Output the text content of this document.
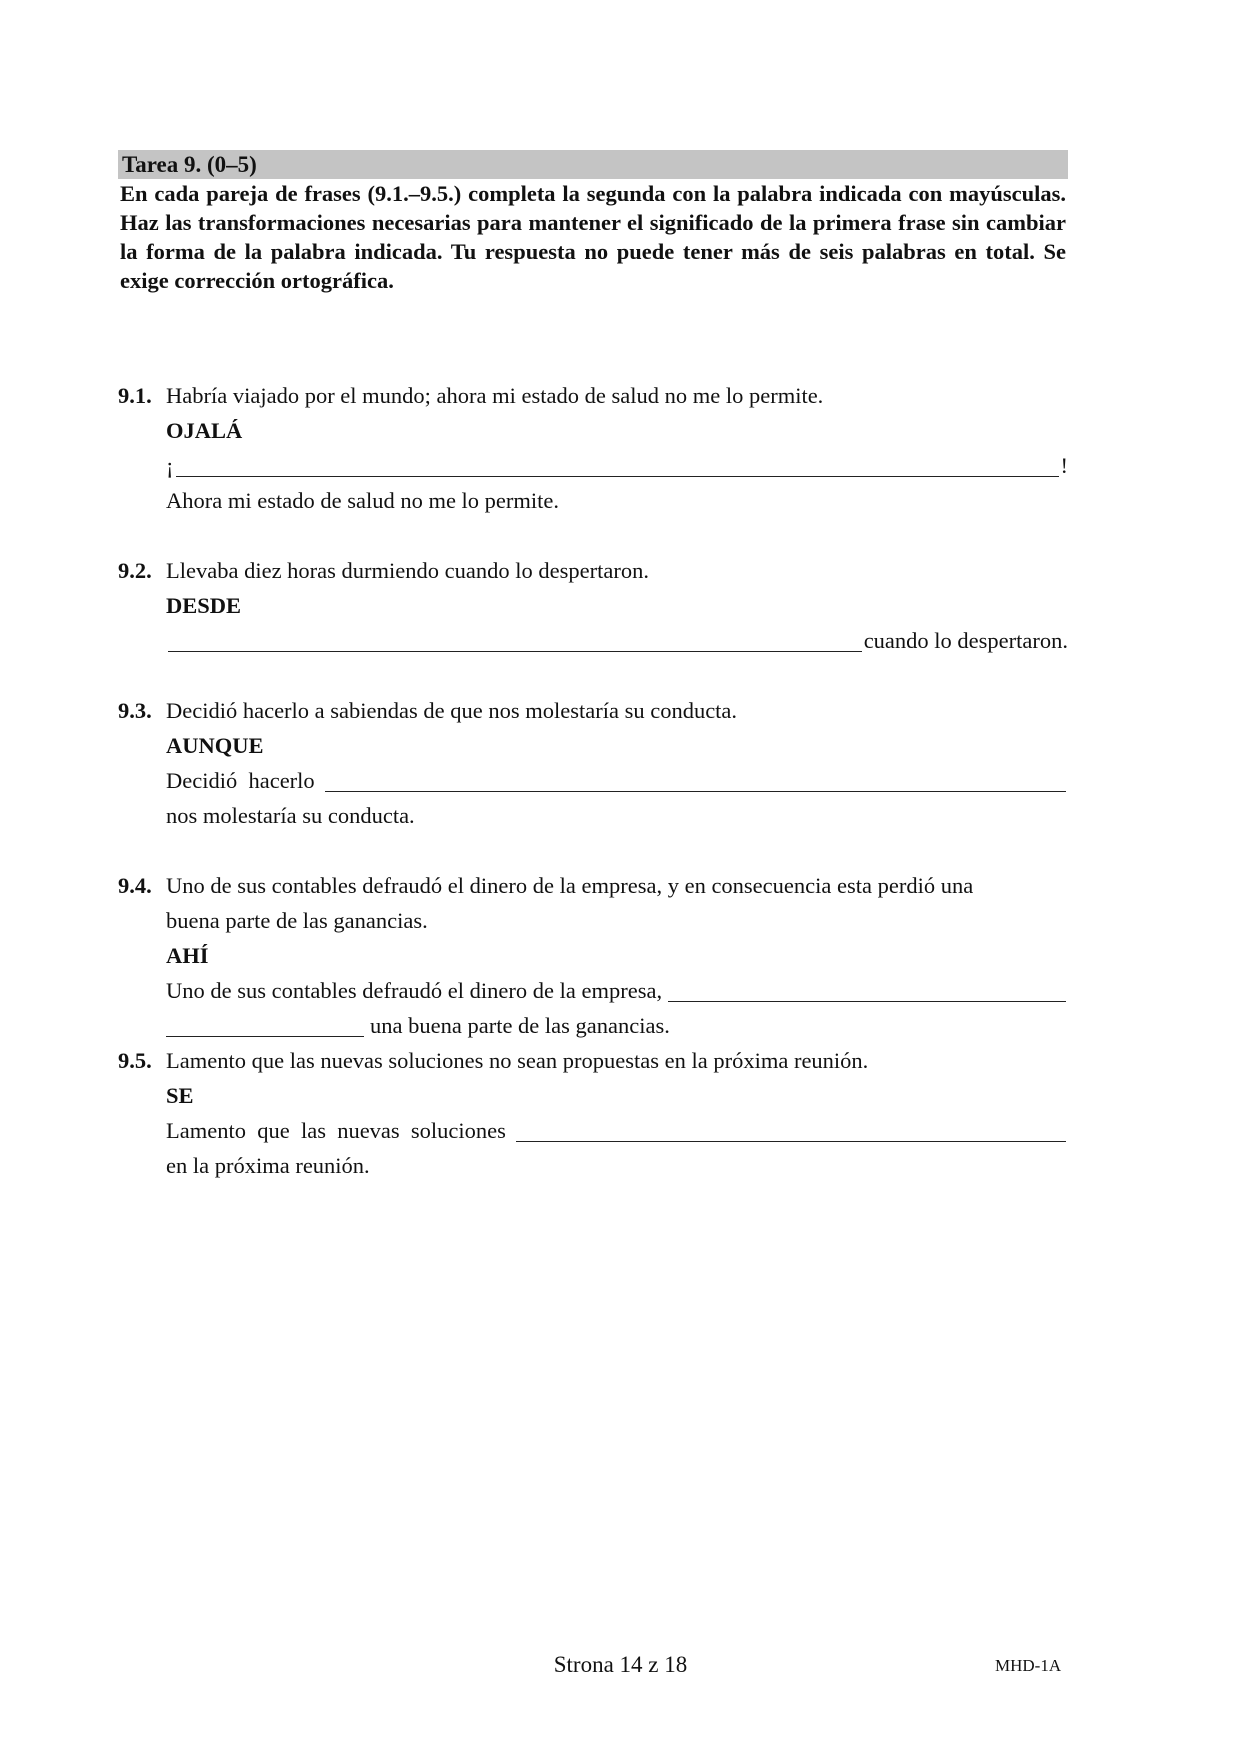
Tarea 9. (0–5)
En cada pareja de frases (9.1.–9.5.) completa la segunda con la palabra indicada con mayúsculas. Haz las transformaciones necesarias para mantener el significado de la primera frase sin cambiar la forma de la palabra indicada. Tu respuesta no puede tener más de seis palabras en total. Se exige corrección ortográfica.
9.1. Habría viajado por el mundo; ahora mi estado de salud no me lo permite.
OJALÁ
¡	!
Ahora mi estado de salud no me lo permite.
9.2. Llevaba diez horas durmiendo cuando lo despertaron.
DESDE
cuando lo despertaron.
9.3. Decidió hacerlo a sabiendas de que nos molestaría su conducta.
AUNQUE
Decidió  hacerlo
nos molestaría su conducta.
9.4. Uno de sus contables defraudó el dinero de la empresa, y en consecuencia esta perdió una
buena parte de las ganancias.
AHÍ
Uno de sus contables defraudó el dinero de la empresa,
una buena parte de las ganancias.
9.5. Lamento que las nuevas soluciones no sean propuestas en la próxima reunión.
SE
Lamento  que  las  nuevas  soluciones
en la próxima reunión.
Strona 14 z 18	MHD-1A
